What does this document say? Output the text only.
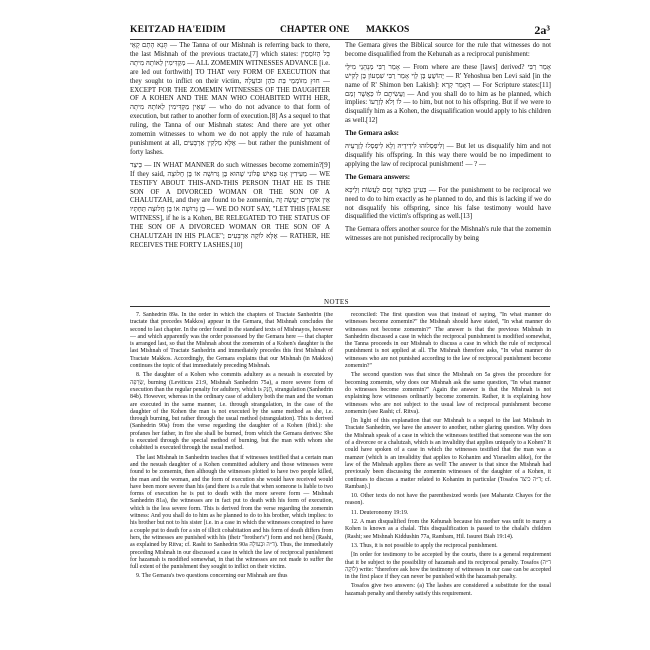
KEITZAD HA'EIDIM	CHAPTER ONE MAKKOS	2a³

תָּנָא הָתָם קָאֵי — The Tanna of our Mishnah is referring back to there, the last Mishnah of the previous tractate,[7] which states: כָּל הַזּוֹמְמִין מַקְדִּימִין לְאוֹתָהּ מִיתָה — ALL ZOMEMIN WITNESSES ADVANCE [i.e. are led out forthwith] TO THAT very FORM OF EXECUTION that they sought to inflict on their victim, חוּץ מִזּוֹמְמֵי בַּת כֹּהֵן וּבוֹעֲלָהּ — EXCEPT FOR THE ZOMEMIN WITNESSES OF THE DAUGHTER OF A KOHEN AND THE MAN WHO COHABITED WITH HER, שֶׁאֵין מַקְדִּימִין לְאוֹתָהּ מִיתָה — who do not advance to that form of execution, but rather to another form of execution.[8] As a sequel to that ruling, the Tanna of our Mishnah states: And there are yet other zomemin witnesses to whom we do not apply the rule of hazamah punishment at all, אֶלָּא מַלְקִין אַרְבָּעִים — but rather the punishment of forty lashes.

כֵּיצַד — IN WHAT MANNER do such witnesses become zomemin?[9] If they said, מְעִידִין אָנוּ בְּאִישׁ פְּלוֹנִי שֶׁהוּא בֶּן גְּרוּשָׁה אוֹ בֶּן חֲלוּצָה — WE TESTIFY ABOUT THIS-AND-THIS PERSON THAT HE IS THE SON OF A DIVORCED WOMAN OR THE SON OF A CHALUTZAH, and they are found to be zomemin, אֵין אוֹמְרִים יֵעָשֶׂה זֶה בֶּן גְּרוּשָׁה אוֹ בֶּן חֲלוּצָה תַּחְתָּיו — WE DO NOT SAY, "LET THIS [FALSE WITNESS], if he is a Kohen, BE RELEGATED TO THE STATUS OF THE SON OF A DIVORCED WOMAN OR THE SON OF A CHALUTZAH IN HIS PLACE"; אֶלָּא לוֹקֶה אַרְבָּעִים — RATHER, HE RECEIVES THE FORTY LASHES.[10]

The Gemara gives the Biblical source for the rule that witnesses do not become disqualified from the Kehunah as a reciprocal punishment:

אָמַר רַבִּי מְנָהָנֵי מִילֵּי — From where are these [laws] derived? אָמַר רַבִּי יְהוֹשֻׁעַ בֶּן לֵוִי אָמַר רַבִּי שִׁמְעוֹן בֶּן לָקִישׁ — R' Yehoshua ben Levi said [in the name of R' Shimon ben Lakish]: דְּאָמַר קְרָא — For Scripture states:[11] וַעֲשִׂיתֶם לוֹ כַּאֲשֶׁר זָמַם — And you shall do to him as he planned, which implies: לוֹ וְלֹא לְזַרְעוֹ — to him, but not to his offspring. But if we were to disqualify him as a Kohen, the disqualification would apply to his children as well.[12]

The Gemara asks:

וְלִיפְסְלוּהוּ לִידִידֵיהּ וְלָא לִיפְסְלוּ לְזַרְעֵיהּ — But let us disqualify him and not disqualify his offspring. In this way there would be no impediment to applying the law of reciprocal punishment! — ? —

The Gemara answers:

בְּעִינַן כַּאֲשֶׁר זָמַם לַעֲשׂוֹת וְלֵיכָּא — For the punishment to be reciprocal we need to do to him exactly as he planned to do, and this is lacking if we do not disqualify his offspring, since his false testimony would have disqualified the victim's offspring as well.[13]

The Gemara offers another source for the Mishnah's rule that the zomemin witnesses are not punished reciprocally by being

NOTES

7. Sanhedrin 89a. In the order in which the chapters of Tractate Sanhedrin (the tractate that precedes Makkos) appear in the Gemara, that Mishnah concludes the second to last chapter. In the order found in the standard texts of Mishnayos, however — and which apparently was the order possessed by the Gemara here — that chapter is arranged last, so that the Mishnah about the zomemin of a Kohen's daughter is the last Mishnah of Tractate Sanhedrin and immediately precedes this first Mishnah of Tractate Makkos. Accordingly, the Gemara explains that our Mishnah (in Makkos) continues the topic of that immediately preceding Mishnah.

8. The daughter of a Kohen who commits adultery as a nesuah is executed by שְׂרֵפָה, burning (Leviticus 21:9, Mishnah Sanhedrin 75a), a more severe form of execution than the regular penalty for adultery, which is חֶנֶק, strangulation (Sanhedrin 84b). However, whereas in the ordinary case of adultery both the man and the woman are executed in the same manner, i.e. through strangulation, in the case of the daughter of the Kohen the man is not executed by the same method as she, i.e. through burning, but rather through the usual method (strangulation). This is derived (Sanhedrin 90a) from the verse regarding the daughter of a Kohen (ibid.): she profanes her father, in fire she shall be burned, from which the Gemara derives: She is executed through the special method of burning, but the man with whom she cohabited is executed through the usual method.

The last Mishnah in Sanhedrin teaches that if witnesses testified that a certain man and the nesuah daughter of a Kohen committed adultery and those witnesses were found to be zomemin, then although the witnesses plotted to have two people killed, the man and the woman, and the form of execution she would have received would have been more severe than his (and there is a rule that when someone is liable to two forms of execution he is put to death with the more severe form — Mishnah Sanhedrin 81a), the witnesses are in fact put to death with his form of execution, which is the less severe form. This is derived from the verse regarding the zomemin witness: And you shall do to him as he planned to do to his brother, which implies: to his brother but not to his sister [i.e. in a case in which the witnesses conspired to have a couple put to death for a sin of illicit cohabitation and his form of death differs from hers, the witnesses are punished with his (their "brother's") form and not hers] (Rashi, as explained by Ritva; cf. Rashi to Sanhedrin 90a ד״ה וּבְעוֹלָהּ). Thus, the immediately preceding Mishnah in our discussed a case in which the law of reciprocal punishment for hazamah is modified somewhat, in that the witnesses are not made to suffer the full extent of the punishment they sought to inflict on their victim.

9. The Gemara's two questions concerning our Mishnah are thus

reconciled: The first question was that instead of saying, "In what manner do witnesses become zomemin?" the Mishnah should have stated, "In what manner do witnesses not become zomemin?" The answer is that the previous Mishnah in Sanhedrin discussed a case in which the reciprocal punishment is modified somewhat, the Tanna proceeds in our Mishnah to discuss a case in which the rule of reciprocal punishment is not applied at all. The Mishnah therefore asks, "In what manner do witnesses who are not punished according to the law of reciprocal punishment become zomemin?"

The second question was that since the Mishnah on 5a gives the procedure for becoming zomemin, why does our Mishnah ask the same question, "In what manner do witnesses become zomemin?" Again the answer is that the Mishnah is not explaining how witnesses ordinarily become zomemin. Rather, it is explaining how witnesses who are not subject to the usual law of reciprocal punishment become zomemin (see Rashi; cf. Ritva).

[In light of this explanation that our Mishnah is a sequel to the last Mishnah in Tractate Sanhedrin, we have the answer to another, rather glaring question. Why does the Mishnah speak of a case in which the witnesses testified that someone was the son of a divorcee or a chalutzah, which is an invalidity that applies uniquely to a Kohen? It could have spoken of a case in which the witnesses testified that the man was a mamzer (which is an invalidity that applies to Kohanim and Yisraelim alike), for the law of the Mishnah applies there as well! The answer is that since the Mishnah had previously been discussing the zomemin witnesses of the daughter of a Kohen, it continues to discuss a matter related to Kohanim in particular (Tosafos ד״ה כיצד; cf. Ramban).]

10. Other texts do not have the parenthesized words (see Maharatz Chayes for the reason).

11. Deuteronomy 19:19.

12. A man disqualified from the Kehunah because his mother was unfit to marry a Kohen is known as a chalal. This disqualification is passed to the chalal's children (Rashi; see Mishnah Kiddushin 77a, Rambam, Hil. Issurei Biah 19:14).

13. Thus, it is not possible to apply the reciprocal punishment.

[In order for testimony to be accepted by the courts, there is a general requirement that it be subject to the possibility of hazamah and its reciprocal penalty. Tosafos (ד״ה לוֹקֶה) write: "therefore ask how the testimony of witnesses in our case can be accepted in the first place if they can never be punished with the hazamah penalty.

Tosafos give two answers: (a) The lashes are considered a substitute for the usual hazamah penalty and thereby satisfy this requirement.
